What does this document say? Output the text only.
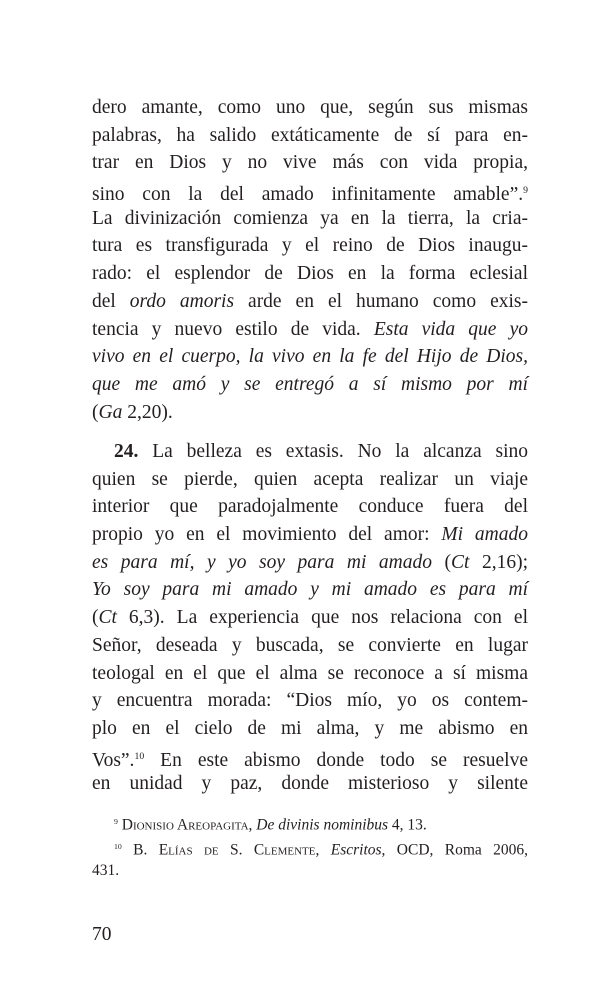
dero amante, como uno que, según sus mismas
palabras, ha salido extáticamente de sí para en-
trar en Dios y no vive más con vida propia,
sino con la del amado infinitamente amable”.$^9$
La divinización comienza ya en la tierra, la cria-
tura es transfigurada y el reino de Dios inaugu-
rado: el esplendor de Dios en la forma eclesial
del ordo amoris arde en el humano como exis-
tencia y nuevo estilo de vida. Esta vida que yo
vivo en el cuerpo, la vivo en la fe del Hijo de Dios,
que me amó y se entregó a sí mismo por mí
(Ga 2,20).
24. La belleza es extasis. No la alcanza sino
quien se pierde, quien acepta realizar un viaje
interior que paradojalmente conduce fuera del
propio yo en el movimiento del amor: Mi amado
es para mí, y yo soy para mi amado (Ct 2,16);
Yo soy para mi amado y mi amado es para mí
(Ct 6,3). La experiencia que nos relaciona con el
Señor, deseada y buscada, se convierte en lugar
teologal en el que el alma se reconoce a sí misma
y encuentra morada: “Dios mío, yo os contem-
plo en el cielo de mi alma, y me abismo en
Vos”.$^{10}$ En este abismo donde todo se resuelve
en unidad y paz, donde misterioso y silente
$^9$ Dionisio Areopagita, De divinis nominibus 4, 13.
$^{10}$ B. Elías de S. Clemente, Escritos, OCD, Roma 2006,
431.
70
